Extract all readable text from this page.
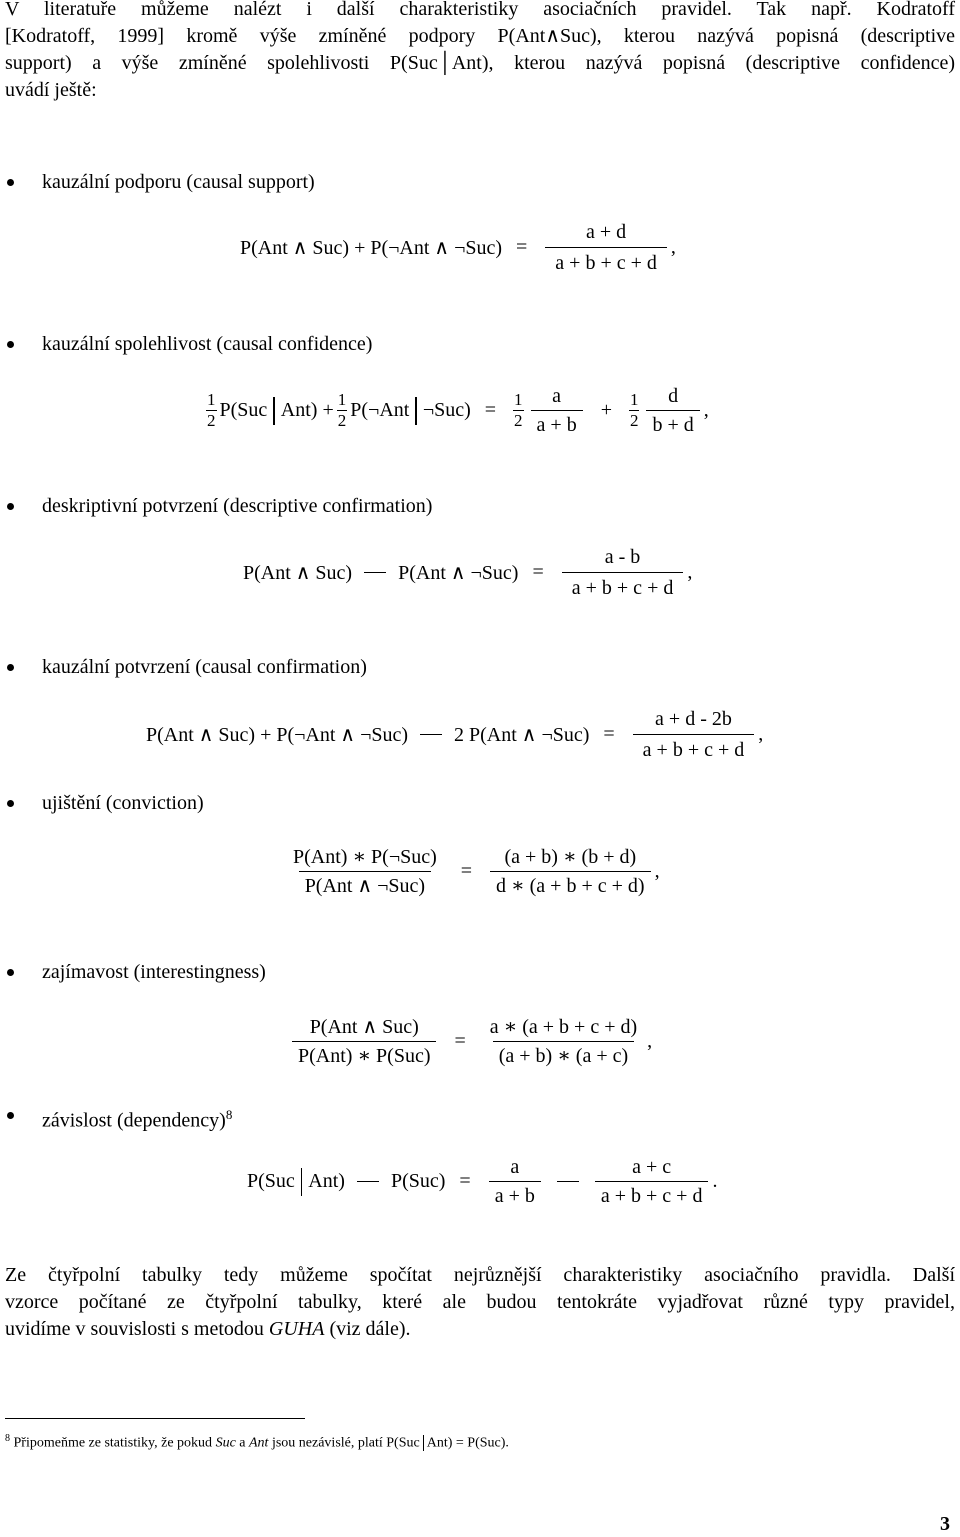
V literatuře můžeme nalézt i další charakteristiky asociačních pravidel. Tak např. Kodratoff

[Kodratoff, 1999] kromě výše zmíněné podpory P(Ant∧Suc), kterou nazývá popisná (descriptive

support) a výše zmíněné spolehlivosti P(Suc│Ant), kterou nazývá popisná (descriptive confidence)

uvádí ještě:

kauzální podporu (causal support)
P(Ant ∧ Suc) + P(¬Ant ∧ ¬Suc) = $\frac{a + d}{a + b + c + d}$ ,
kauzální spolehlivost (causal confidence)
1
2 P(Suc $Ant) + \frac{1}{2}$ P(¬Ant ¬Suc) = 1
$2 \frac{a}{a + b} + 1$
$2 \frac{d}{b + d}$ ,
deskriptivní potvrzení (descriptive confirmation)
P(Ant ∧ Suc) P(Ant ∧ ¬Suc) = $\frac{a - b}{a + b + c + d}$ ,
kauzální potvrzení (causal confirmation)
P(Ant ∧ Suc) + P(¬Ant ∧ ¬Suc) 2 P(Ant ∧ ¬Suc) = $\frac{a + d - 2b}{a + b + c + d}$ ,
ujištění (conviction)
$\frac{\text{P(Ant) ∗ P(¬Suc)}}{\text{P(Ant ∧ ¬Suc)}} = \frac{(a + b) ∗ (b + d)}{d ∗ (a + b + c + d)}$ ,
zajímavost (interestingness)
$\frac{\text{P(Ant ∧ Suc)}}{\text{P(Ant) ∗ P(Suc)}} = \frac{a ∗ (a + b + c + d)}{(a + b) ∗ (a + c)}$ ,
závislost (dependency)$^8$
P(Suc Ant) $P(Suc) = \frac{a}{a + b}$	$\frac{a + c}{a + b + c + d}$ .

Ze čtyřpolní tabulky tedy můžeme spočítat nejrůznější charakteristiky asociačního pravidla. Další

vzorce počítané ze čtyřpolní tabulky, které ale budou tentokráte vyjadřovat různé typy pravidel,

uvidíme v souvislosti s metodou GUHA (viz dále).

$^8$ Připomeňme ze statistiky, že pokud Suc a Ant jsou nezávislé, platí P(Suc Ant) = P(Suc).
3
